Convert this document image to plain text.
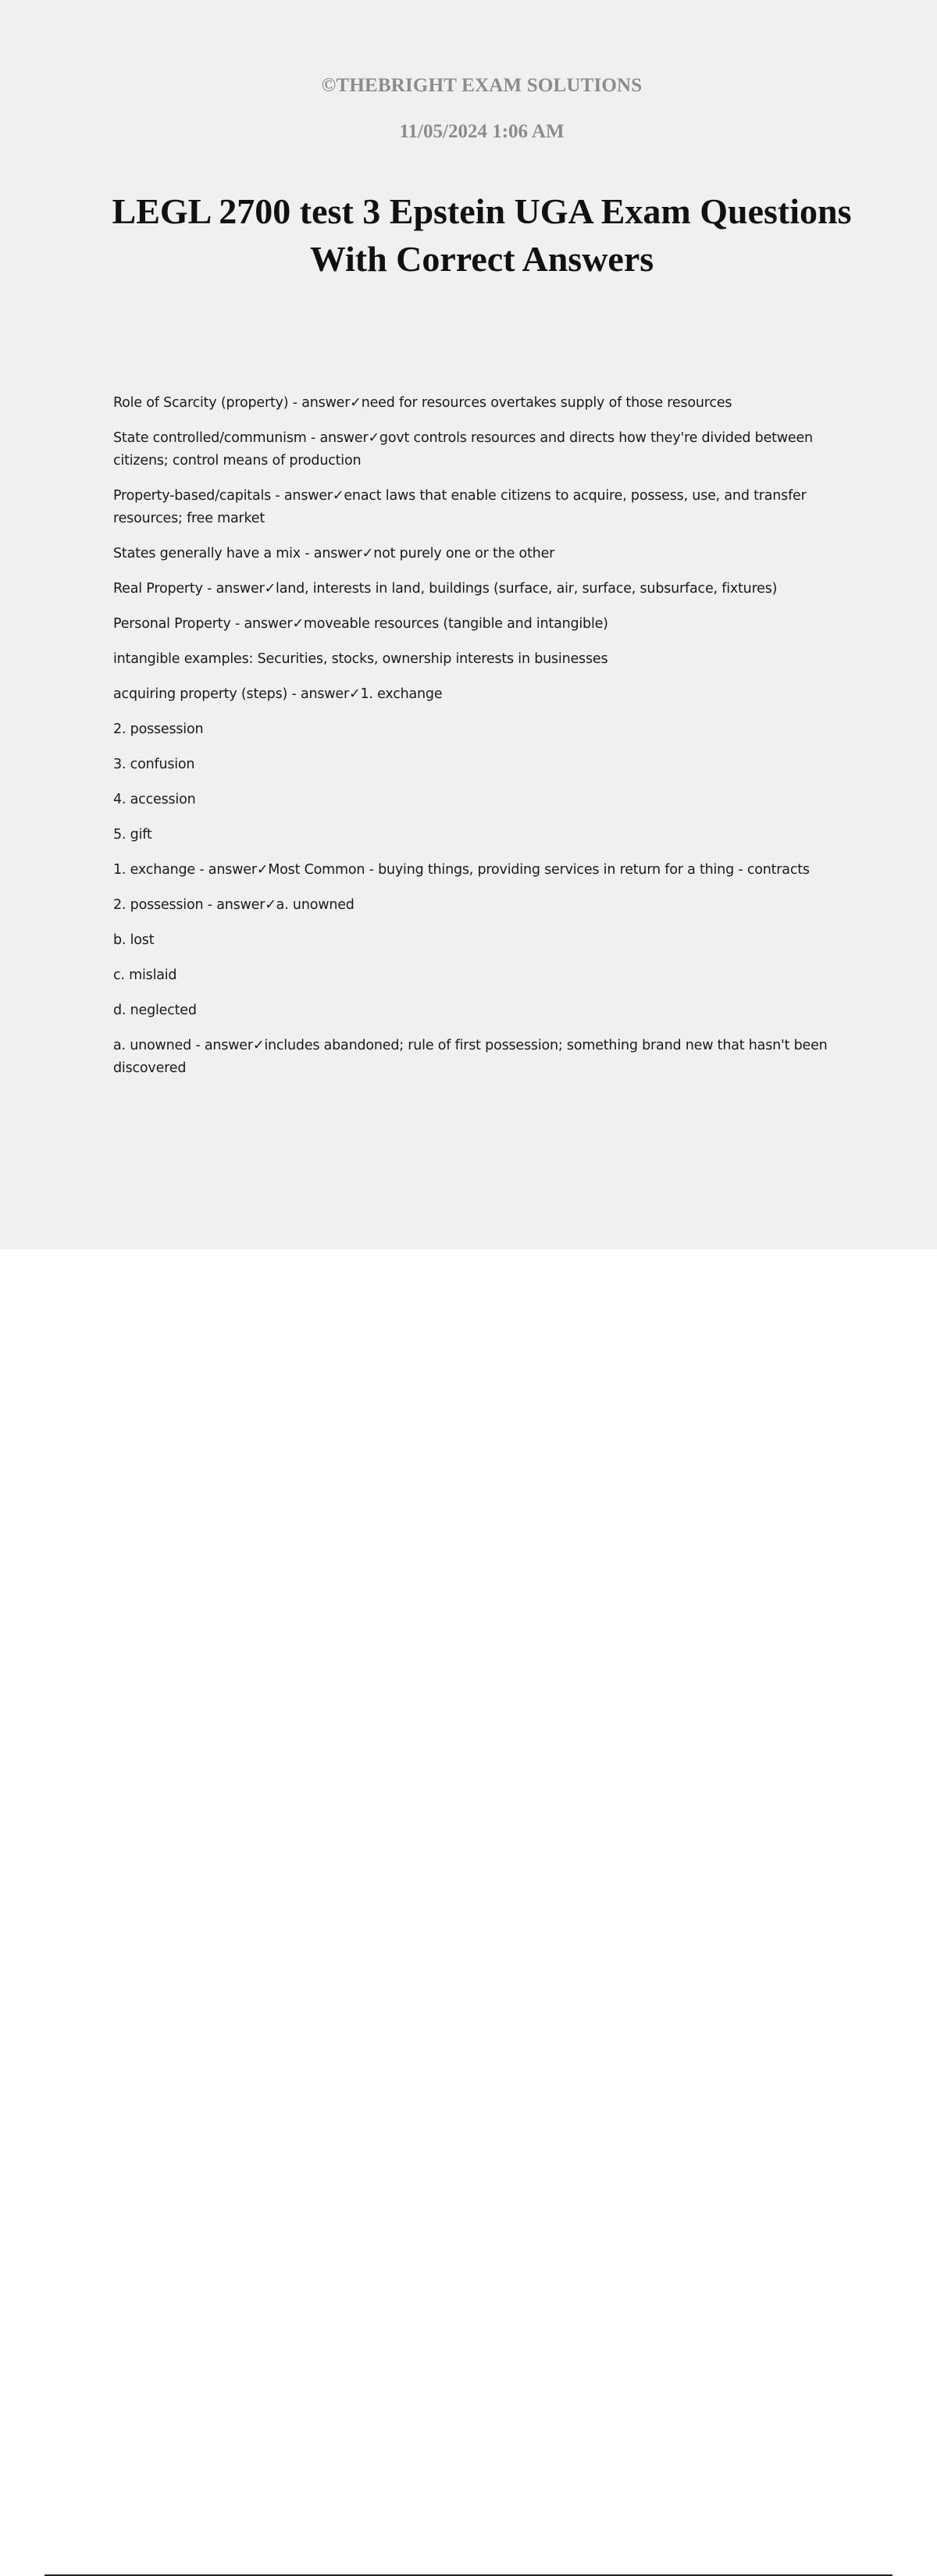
©THEBRIGHT EXAM SOLUTIONS
11/05/2024 1:06 AM
LEGL 2700 test 3 Epstein UGA Exam Questions With Correct Answers

Role of Scarcity (property) - answer✓need for resources overtakes supply of those resources

State controlled/communism - answer✓govt controls resources and directs how they're divided between citizens; control means of production

Property-based/capitals - answer✓enact laws that enable citizens to acquire, possess, use, and transfer resources; free market

States generally have a mix - answer✓not purely one or the other

Real Property - answer✓land, interests in land, buildings (surface, air, surface, subsurface, fixtures)

Personal Property - answer✓moveable resources (tangible and intangible)

intangible examples: Securities, stocks, ownership interests in businesses

acquiring property (steps) - answer✓1. exchange

2. possession

3. confusion

4. accession

5. gift

1. exchange - answer✓Most Common - buying things, providing services in return for a thing - contracts

2. possession - answer✓a. unowned

b. lost

c. mislaid

d. neglected

a. unowned - answer✓includes abandoned; rule of first possession; something brand new that hasn't been discovered
